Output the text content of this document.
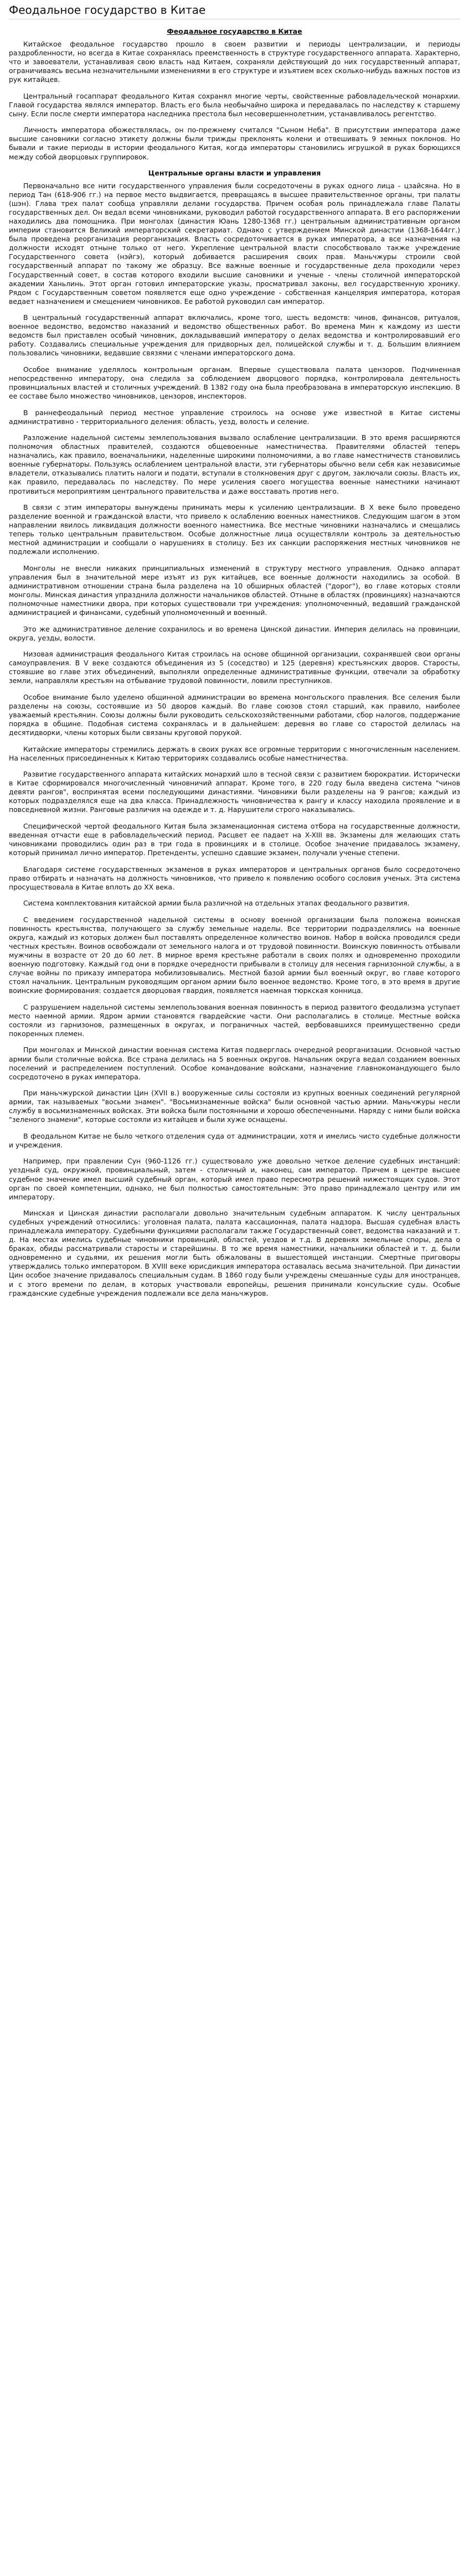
Феодальное государство в Китае
Феодальное государство в Китае

Китайское феодальное государство прошло в своем развитии и периоды централизации, и периоды раздробленности, но всегда в Китае сохранялась преемственность в структуре государственного аппарата. Характерно, что и завоеватели, устанавливая свою власть над Китаем, сохраняли действующий до них государственный аппарат, ограничиваясь весьма незначительными изменениями в его структуре и изъятием всех сколько-нибудь важных постов из рук китайцев.

Центральный госаппарат феодального Китая сохранял многие черты, свойственные рабовладельческой монархии. Главой государства являлся император. Власть его была необычайно широка и передавалась по наследству к старшему сыну. Если после смерти императора наследника престола был несовершеннолетним, устанавливалось регентство.

Личность императора обожествлялась, он по-прежнему считался "Сыном Неба". В присутствии императора даже высшие сановники согласно этикету должны были трижды преклонять колени и отвешивать 9 земных поклонов. Но бывали и такие периоды в истории феодального Китая, когда императоры становились игрушкой в руках борющихся между собой дворцовых группировок.

Центральные органы власти и управления

Первоначально все нити государственного управления были сосредоточены в руках одного лица - цзайсяна. Но в период Тан (618-906 гг.) на первое место выдвигается, превращаясь в высшее правительственное органы, три палаты (шэн). Глава трех палат сообща управляли делами государства. Причем особая роль принадлежала главе Палаты государственных дел. Он ведал всеми чиновниками, руководил работой государственного аппарата. В его распоряжении находились два помощника. При монголах (династия Юань 1280-1368 гг.) центральным административным органом империи становится Великий императорский секретариат. Однако с утверждением Минской династии (1368-1644гг.) была проведена реорганизация реорганизация. Власть сосредоточивается в руках императора, а все назначения на должности исходят отныне только от него. Укрепление центральной власти способствовало также учреждение Государственного совета (нэйгэ), который добивается расширения своих прав. Маньчжуры строили свой государственный аппарат по такому же образцу. Все важные военные и государственные дела проходили через Государственный совет, в состав которого входили высшие сановники и ученые - члены столичной императорской академии Ханьлинь. Этот орган готовил императорские указы, просматривал законы, вел государственную хронику. Рядом с Государственным советом появляется еще одно учреждение - собственная канцелярия императора, которая ведает назначением и смещением чиновников. Ее работой руководил сам император.

В центральный государственный аппарат включались, кроме того, шесть ведомств: чинов, финансов, ритуалов, военное ведомство, ведомство наказаний и ведомство общественных работ. Во времена Мин к каждому из шести ведомств был приставлен особый чиновник, докладывавший императору о делах ведомства и контролировавший его работу. Создавались специальные учреждения для придворных дел, полицейской службы и т. д. Большим влиянием пользовались чиновники, ведавшие связями с членами императорского дома.

Особое внимание уделялось контрольным органам. Впервые существовала палата цензоров. Подчиненная непосредственно императору, она следила за соблюдением дворцового порядка, контролировала деятельность провинциальных властей и столичных учреждений. В 1382 году она была преобразована в императорскую инспекцию. В ее составе было множество чиновников, цензоров, инспекторов.

В раннефеодальный период местное управление строилось на основе уже известной в Китае системы административно - территориального деления: область, уезд, волость и селение.

Разложение надельной системы землепользования вызвало ослабление централизации. В это время расширяются полномочия областных правителей, создаются общевоенные наместничества. Правителями областей теперь назначались, как правило, военачальники, наделенные широкими полномочиями, а во главе наместничеств становились военные губернаторы. Пользуясь ослаблением центральной власти, эти губернаторы обычно вели себя как независимые владетели, отказывались платить налоги и подати, вступали в столкновения друг с другом, заключали союзы. Власть их, как правило, передавалась по наследству. По мере усиления своего могущества военные наместники начинают противиться мероприятиям центрального правительства и даже восставать против него.

В связи с этим императоры вынуждены принимать меры к усилению централизации. В Х веке было проведено разделение военной и гражданской власти, что привело к ослаблению военных наместников. Следующим шагом в этом направлении явилось ликвидация должности военного наместника. Все местные чиновники назначались и смещались теперь только центральным правительством. Особые должностные лица осуществляли контроль за деятельностью местной администрации и сообщали о нарушениях в столицу. Без их санкции распоряжения местных чиновников не подлежали исполнению.

Монголы не внесли никаких принципиальных изменений в структуру местного управления. Однако аппарат управления был в значительной мере изъят из рук китайцев, все военные должности находились за особой. В административном отношении страна была разделена на 10 обширных областей ("дорог"), во главе которых стояли монголы. Минская династия упразднила должности начальников областей. Отныне в областях (провинциях) назначаются полномочные наместники двора, при которых существовали три учреждения: уполномоченный, ведавший гражданской администрацией и финансами, судебный уполномоченный и военный.

Это же административное деление сохранилось и во времена Цинской династии. Империя делилась на провинции, округа, уезды, волости.

Низовая администрация феодального Китая строилась на основе общинной организации, сохранявшей свои органы самоуправления. В V веке создаются объединения из 5 (соседство) и 125 (деревня) крестьянских дворов. Старосты, стоявшие во главе этих объединений, выполняли определенные административные функции, отвечали за обработку земли, направляли крестьян на отбывание трудовой повинности, ловили преступников.

Особое внимание было уделено общинной администрации во времена монгольского правления. Все селения были разделены на союзы, состоявшие из 50 дворов каждый. Во главе союзов стоял старший, как правило, наиболее уважаемый крестьянин. Союзы должны были руководить сельскохозяйственными работами, сбор налогов, поддержание порядка в общине. Подобная система сохранялась и в дальнейшем: деревня во главе со старостой делилась на десятидворки, члены которых были связаны круговой порукой.

Китайские императоры стремились держать в своих руках все огромные территории с многочисленным населением. На населенных присоединенных к Китаю территориях создавались особые наместничества.

Развитие государственного аппарата китайских монархий шло в тесной связи с развитием бюрократии. Исторически в Китае сформировался многочисленный чиновничий аппарат. Кроме того, в 220 году была введена система "чинов девяти рангов", воспринятая всеми последующими династиями. Чиновники были разделены на 9 рангов; каждый из которых подразделялся еще на два класса. Принадлежность чиновничества к рангу и классу находила проявление и в повседневной жизни. Ранговые различия на одежде и т. д. Нарушители строго наказывались.

Специфической чертой феодального Китая была экзаменационная система отбора на государственные должности, введенная отчасти еще в рабовладельческий период. Расцвет ее падает на X-XIII вв. Экзамены для желающих стать чиновниками проводились один раз в три года в провинциях и в столице. Особое значение придавалось экзамену, который принимал лично император. Претенденты, успешно сдавшие экзамен, получали ученые степени.

Благодаря системе государственных экзаменов в руках императоров и центральных органов было сосредоточено право отбирать и назначать на должность чиновников, что привело к появлению особого сословия ученых. Эта система просуществовала в Китае вплоть до XX века.

Система комплектования китайской армии была различной на отдельных этапах феодального развития.

С введением государственной надельной системы в основу военной организации была положена воинская повинность крестьянства, получающего за службу земельные наделы. Все территории подразделялись на военные округа, каждый из которых должен был поставлять определенное количество воинов. Набор в войска проводился среди честных крестьян. Воинов освобождали от земельного налога и от трудовой повинности. Воинскую повинность отбывали мужчины в возрасте от 20 до 60 лет. В мирное время крестьяне работали в своих полях и одновременно проходили военную подготовку. Каждый год они в порядке очередности прибывали в столицу для несения гарнизонной службы, а в случае войны по приказу императора мобилизовывались. Местной базой армии был военный округ, во главе которого стоял начальник. Центральным руководящим органом армии было военное ведомство. Кроме того, в это время в другие воинские формирования: создается дворцовая гвардия, появляется наемная тюркская конница.

С разрушением надельной системы землепользования военная повинность в период развитого феодализма уступает место наемной армии. Ядром армии становятся гвардейские части. Они располагались в столице. Местные войска состояли из гарнизонов, размещенных в округах, и пограничных частей, вербовавшихся преимущественно среди покоренных племен.

При монголах и Минской династии военная система Китая подверглась очередной реорганизации. Основной частью армии были столичные войска. Все страна делилась на 5 военных округов. Начальник округа ведал созданием военных поселений и распределением поступлений. Особое командование войсками, назначение главнокомандующего было сосредоточено в руках императора.

При маньчжурской династии Цин (XVII в.) вооруженные силы состояли из крупных военных соединений регулярной армии, так называемых "восьми знамен". "Восьмизнаменные войска" были основной частью армии. Маньчжуры несли службу в восьмизнаменных войсках. Эти войска были постоянными и хорошо обеспеченными. Наряду с ними были войска "зеленого знамени", которые состояли из китайцев и были хуже оснащены.

В феодальном Китае не было четкого отделения суда от администрации, хотя и имелись чисто судебные должности и учреждения.

Например, при правлении Сун (960-1126 гг.) существовало уже довольно четкое деление судебных инстанций: уездный суд, окружной, провинциальный, затем - столичный и, наконец, сам император. Причем в центре высшее судебное значение имел высший судебный орган, который имел право пересмотра решений нижестоящих судов. Этот орган по своей компетенции, однако, не был полностью самостоятельным: Это право принадлежало центру или им императору.

Минская и Цинская династии располагали довольно значительным судебным аппаратом. К числу центральных судебных учреждений относились: уголовная палата, палата кассационная, палата надзора. Высшая судебная власть принадлежала императору. Судебными функциями располагали также Государственный совет, ведомства наказаний и т. д. На местах имелись судебные чиновники провинций, областей, уездов и т.д. В деревнях земельные споры, дела о браках, обиды рассматривали старосты и старейшины. В то же время наместники, начальники областей и т. д. были одновременно и судьями, их решения могли быть обжалованы в вышестоящей инстанции. Смертные приговоры утверждались только императором. В XVIII веке юрисдикция императора оставалась весьма значительной. При династии Цин особое значение придавалось специальным судам. В 1860 году были учреждены смешанные суды для иностранцев, и с этого времени по делам, в которых участвовали европейцы, решения принимали консульские суды. Особые гражданские судебные учреждения подлежали все дела маньчжуров.
